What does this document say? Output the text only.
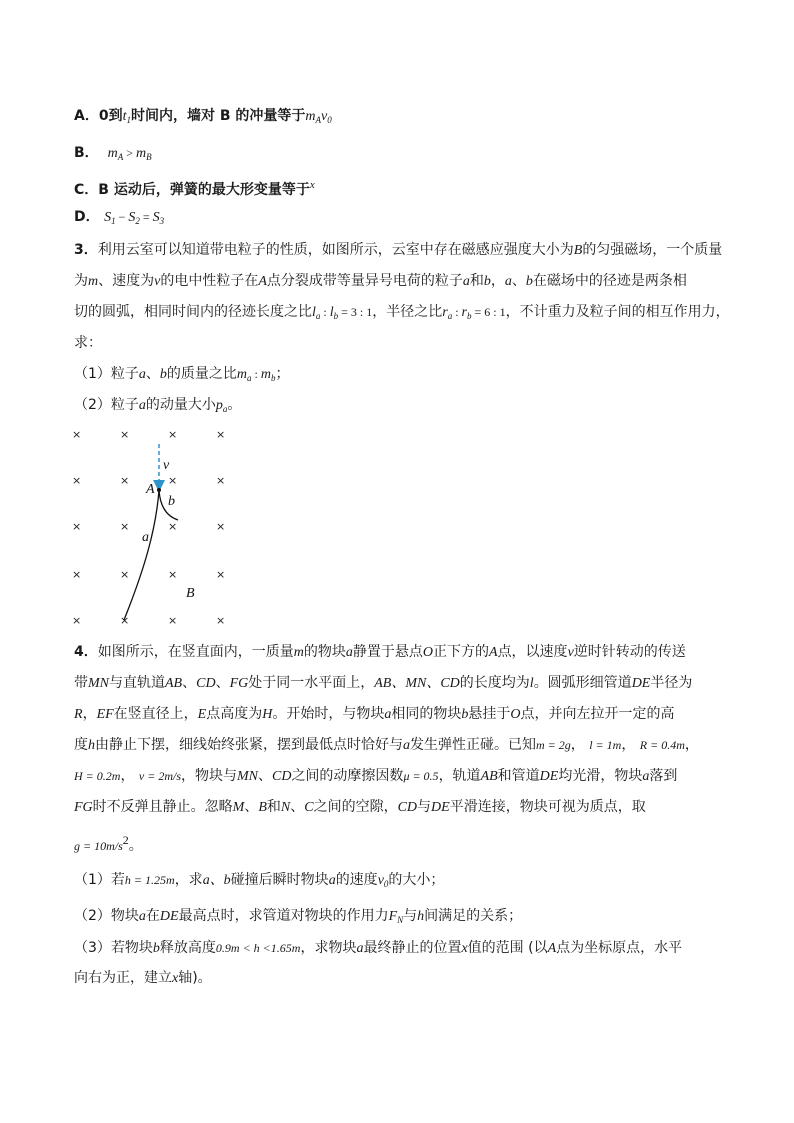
A．0到$t_1$时间内，墙对 B 的冲量等于$m_Av_0$
B． $m_A > m_B$
C．B 运动后，弹簧的最大形变量等于$^x$
D． $S_1 - S_2 = S_3$
3．利用云室可以知道带电粒子的性质，如图所示，云室中存在磁感应强度大小为B的匀强磁场，一个质量
为m、速度为v的电中性粒子在A点分裂成带等量异号电荷的粒子a和b，a、b在磁场中的径迹是两条相
切的圆弧，相同时间内的径迹长度之比$l_a$ : $l_b = 3$ : 1，半径之比$r_a$ : $r_b = 6$ : 1，不计重力及粒子间的相互作用力，
求：
（1）粒子a、b的质量之比$m_a$ : $m_b$；
（2）粒子a的动量大小$p_a$。
×	×	×	×
×	×	×	×
×	×	×	×
×	×	×	×
×	×	×	×
v
A
b
a
B
4．如图所示，在竖直面内，一质量m的物块a静置于悬点O正下方的A点，以速度v逆时针转动的传送
带MN与直轨道AB、CD、FG处于同一水平面上，AB、MN、CD的长度均为l。圆弧形细管道DE半径为
R，EF在竖直径上，E点高度为H。开始时，与物块a相同的物块b悬挂于O点，并向左拉开一定的高
度h由静止下摆，细线始终张紧，摆到最低点时恰好与a发生弹性正碰。已知m = 2g， l = 1m， R = 0.4m，
H = 0.2m， v = 2m/s，物块与MN、CD之间的动摩擦因数μ = 0.5，轨道AB和管道DE均光滑，物块a落到
FG时不反弹且静止。忽略M、B和N、C之间的空隙，CD与DE平滑连接，物块可视为质点，取
g = 10m/s2。
（1）若h = 1.25m，求a、b碰撞后瞬时物块a的速度$v_0$的大小；
（2）物块a在DE最高点时，求管道对物块的作用力$F_N$与h间满足的关系；
（3）若物块b释放高度0.9m < h <1.65m，求物块a最终静止的位置x值的范围 (以A点为坐标原点，水平
向右为正，建立x轴)。
